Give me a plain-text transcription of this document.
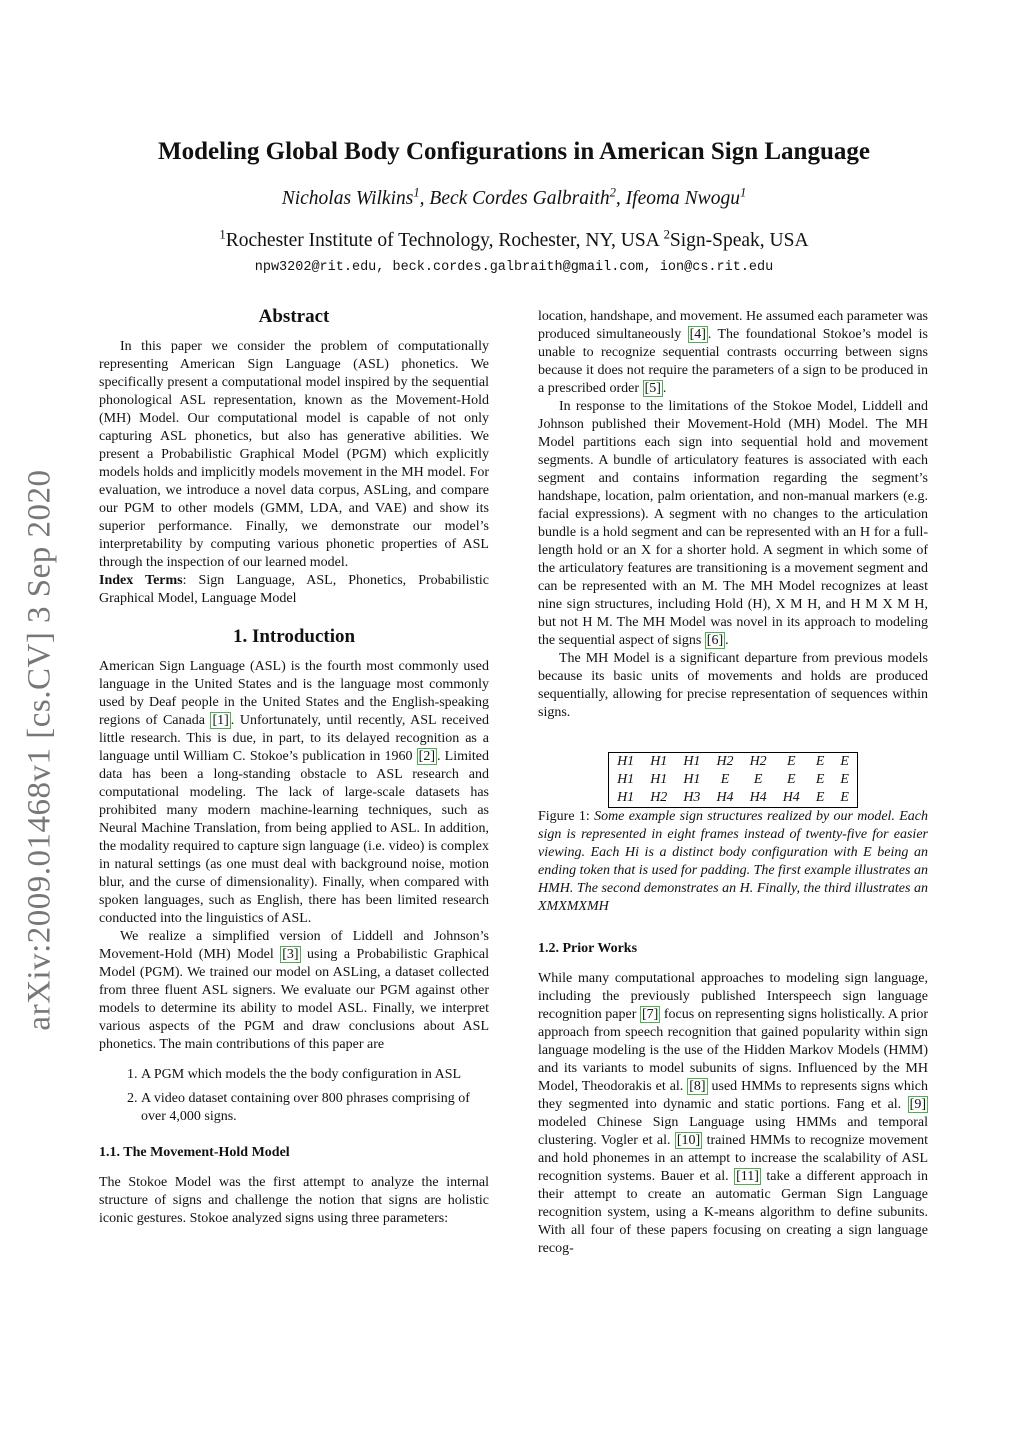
arXiv:2009.01468v1 [cs.CV] 3 Sep 2020
Modeling Global Body Configurations in American Sign Language
Nicholas Wilkins$^1$, Beck Cordes Galbraith$^2$, Ifeoma Nwogu$^1$
$^1$Rochester Institute of Technology, Rochester, NY, USA $^2$Sign-Speak, USA
npw3202@rit.edu, beck.cordes.galbraith@gmail.com, ion@cs.rit.edu
Abstract

In this paper we consider the problem of computationally representing American Sign Language (ASL) phonetics. We specifically present a computational model inspired by the sequential phonological ASL representation, known as the Movement-Hold (MH) Model. Our computational model is capable of not only capturing ASL phonetics, but also has generative abilities. We present a Probabilistic Graphical Model (PGM) which explicitly models holds and implicitly models movement in the MH model. For evaluation, we introduce a novel data corpus, ASLing, and compare our PGM to other models (GMM, LDA, and VAE) and show its superior performance. Finally, we demonstrate our model’s interpretability by computing various phonetic properties of ASL through the inspection of our learned model.

Index Terms: Sign Language, ASL, Phonetics, Probabilistic Graphical Model, Language Model

1. Introduction

American Sign Language (ASL) is the fourth most commonly used language in the United States and is the language most commonly used by Deaf people in the United States and the English-speaking regions of Canada [1] . Unfortunately, until recently, ASL received little research. This is due, in part, to its delayed recognition as a language until William C. Stokoe’s publication in 1960 [2] . Limited data has been a long-standing obstacle to ASL research and computational modeling. The lack of large-scale datasets has prohibited many modern machine-learning techniques, such as Neural Machine Translation, from being applied to ASL. In addition, the modality required to capture sign language (i.e. video) is complex in natural settings (as one must deal with background noise, motion blur, and the curse of dimensionality). Finally, when compared with spoken languages, such as English, there has been limited research conducted into the linguistics of ASL.

We realize a simplified version of Liddell and Johnson’s Movement-Hold (MH) Model [3] using a Probabilistic Graphical Model (PGM). We trained our model on ASLing, a dataset collected from three fluent ASL signers. We evaluate our PGM against other models to determine its ability to model ASL. Finally, we interpret various aspects of the PGM and draw conclusions about ASL phonetics. The main contributions of this paper are

1. A PGM which models the the body configuration in ASL
2. A video dataset containing over 800 phrases comprising of over 4,000 signs.
1.1. The Movement-Hold Model

The Stokoe Model was the first attempt to analyze the internal structure of signs and challenge the notion that signs are holistic iconic gestures. Stokoe analyzed signs using three parameters:

location, handshape, and movement. He assumed each parameter was produced simultaneously [4] . The foundational Stokoe’s model is unable to recognize sequential contrasts occurring between signs because it does not require the parameters of a sign to be produced in a prescribed order [5] .

In response to the limitations of the Stokoe Model, Liddell and Johnson published their Movement-Hold (MH) Model. The MH Model partitions each sign into sequential hold and movement segments. A bundle of articulatory features is associated with each segment and contains information regarding the segment’s handshape, location, palm orientation, and non-manual markers (e.g. facial expressions). A segment with no changes to the articulation bundle is a hold segment and can be represented with an H for a full-length hold or an X for a shorter hold. A segment in which some of the articulatory features are transitioning is a movement segment and can be represented with an M. The MH Model recognizes at least nine sign structures, including Hold (H), X M H, and H M X M H, but not H M. The MH Model was novel in its approach to modeling the sequential aspect of signs [6] .

The MH Model is a significant departure from previous models because its basic units of movements and holds are produced sequentially, allowing for precise representation of sequences within signs.

H1	H1	H1	H2	H2	E	E	E
H1	H1	H1	E	E	E	E	E
H1	H2	H3	H4	H4	H4	E	E

Figure 1: Some example sign structures realized by our model. Each sign is represented in eight frames instead of twenty-five for easier viewing. Each Hi is a distinct body configuration with E being an ending token that is used for padding. The first example illustrates an HMH. The second demonstrates an H. Finally, the third illustrates an XMXMXMH

1.2. Prior Works

While many computational approaches to modeling sign language, including the previously published Interspeech sign language recognition paper [7] focus on representing signs holistically. A prior approach from speech recognition that gained popularity within sign language modeling is the use of the Hidden Markov Models (HMM) and its variants to model subunits of signs. Influenced by the MH Model, Theodorakis et al. [8] used HMMs to represents signs which they segmented into dynamic and static portions. Fang et al. [9] modeled Chinese Sign Language using HMMs and temporal clustering. Vogler et al. [10] trained HMMs to recognize movement and hold phonemes in an attempt to increase the scalability of ASL recognition systems. Bauer et al. [11] take a different approach in their attempt to create an automatic German Sign Language recognition system, using a K-means algorithm to define subunits. With all four of these papers focusing on creating a sign language recog-
